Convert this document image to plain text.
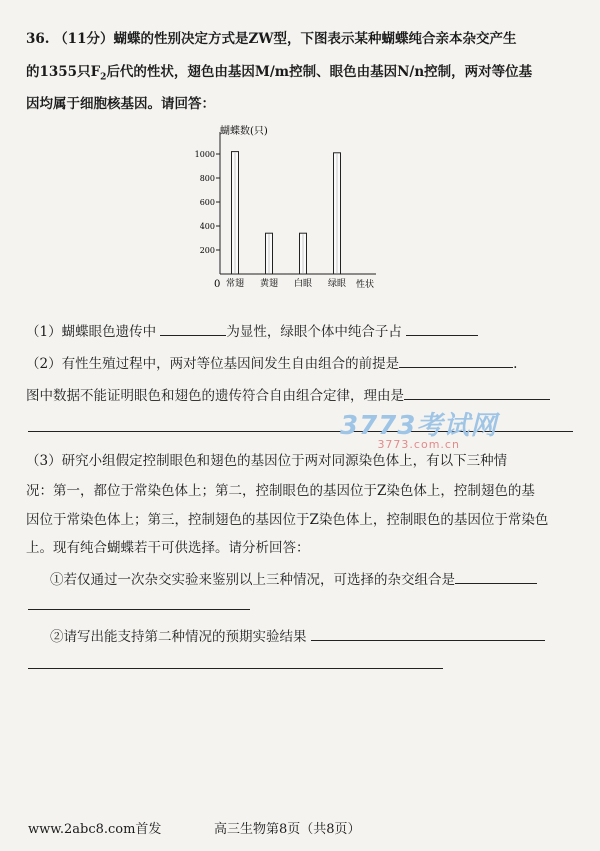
36. （11分）蝴蝶的性别决定方式是ZW型，下图表示某种蝴蝶纯合亲本杂交产生
的1355只$F_2$后代的性状，翅色由基因M/m控制、眼色由基因N/n控制，两对等位基
因均属于细胞核基因。请回答：
蝴蝶数(只)
0	性状
200
400
600
800
1000
常翅 黄翅 白眼 绿眼
（1）蝴蝶眼色遗传中	为显性，绿眼个体中纯合子占
（2）有性生殖过程中，两对等位基因间发生自由组合的前提是	.
图中数据不能证明眼色和翅色的遗传符合自由组合定律，理由是
3773考试网
3773.com.cn
（3）研究小组假定控制眼色和翅色的基因位于两对同源染色体上，有以下三种情
况：第一，都位于常染色体上；第二，控制眼色的基因位于Z染色体上，控制翅色的基
因位于常染色体上；第三，控制翅色的基因位于Z染色体上，控制眼色的基因位于常染色
上。现有纯合蝴蝶若干可供选择。请分析回答：
①若仅通过一次杂交实验来鉴别以上三种情况，可选择的杂交组合是
②请写出能支持第二种情况的预期实验结果
www.2abc8.com首发	高三生物第8页（共8页）
